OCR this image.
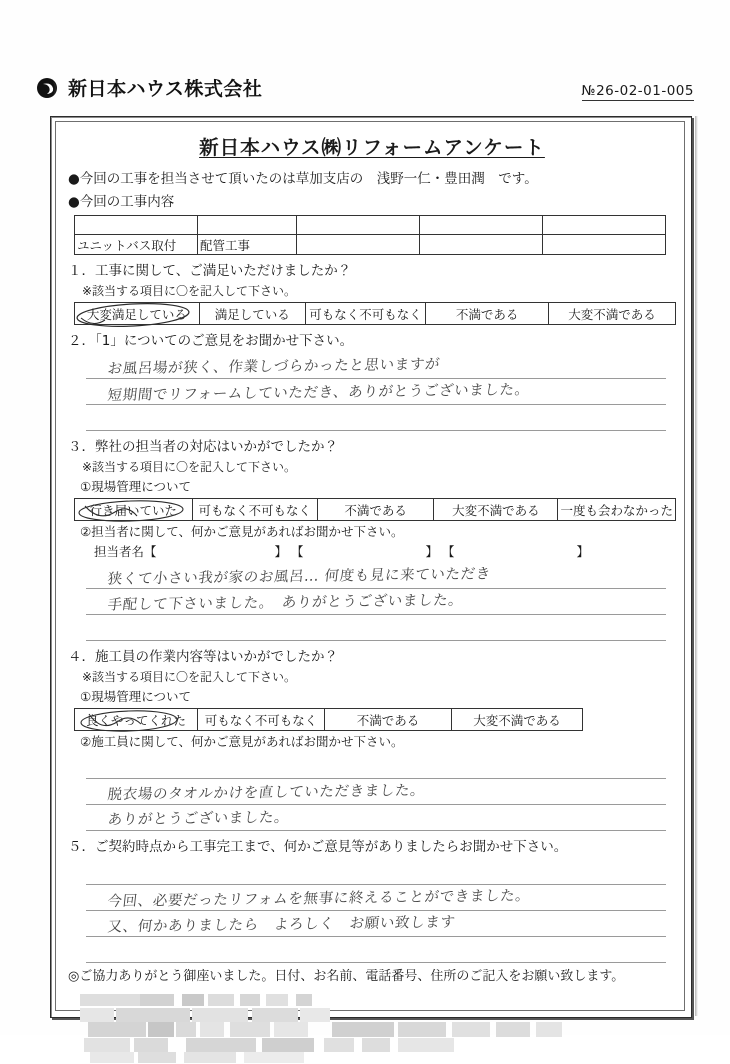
新日本ハウス株式会社	№26-02-01-005
新日本ハウス㈱リフォームアンケート
●今回の工事を担当させて頂いたのは草加支店の　浅野一仁・豊田潤　です。
●今回の工事内容

ユニットバス取付	配管工事			
１．工事に関して、ご満足いただけましたか？
※該当する項目に〇を記入して下さい。
大変満足している	満足している	可もなく不可もなく	不満である	大変不満である
２．「1」についてのご意見をお聞かせ下さい。
お風呂場が狭く、作業しづらかったと思いますが
短期間でリフォームしていただき、ありがとうございました。
３．弊社の担当者の対応はいかがでしたか？
※該当する項目に〇を記入して下さい。
①現場管理について
行き届いていた	可もなく不可もなく	不満である	大変不満である	一度も会わなかった
②担当者に関して、何かご意見があればお聞かせ下さい。
担当者名【	】 【	】 【	】
狭くて小さい我が家のお風呂… 何度も見に来ていただき
手配して下さいました。　ありがとうございました。
４．施工員の作業内容等はいかがでしたか？
※該当する項目に〇を記入して下さい。
①現場管理について
良くやってくれた	可もなく不可もなく	不満である	大変不満である
②施工員に関して、何かご意見があればお聞かせ下さい。
脱衣場のタオルかけを直していただきました。
ありがとうございました。
５．ご契約時点から工事完工まで、何かご意見等がありましたらお聞かせ下さい。
今回、必要だったリフォムを無事に終えることができました。
又、何かありましたら　よろしく　お願い致します
◎ご協力ありがとう御座いました。日付、お名前、電話番号、住所のご記入をお願い致します。
